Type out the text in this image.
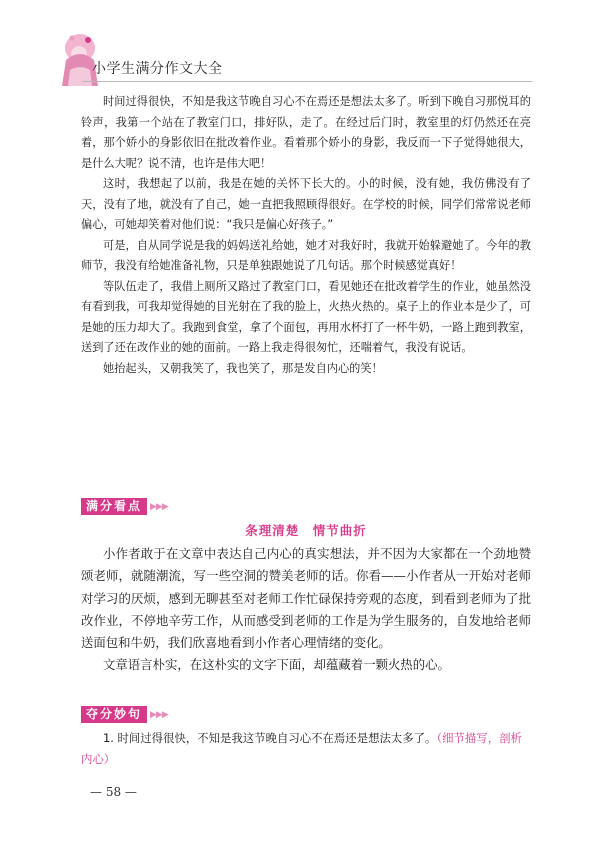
小学生满分作文大全

时间过得很快，不知是我这节晚自习心不在焉还是想法太多了。听到下晚自习那悦耳的铃声，我第一个站在了教室门口，排好队，走了。在经过后门时，教室里的灯仍然还在亮着，那个娇小的身影依旧在批改着作业。看着那个娇小的身影，我反而一下子觉得她很大，是什么大呢？说不清，也许是伟大吧！

这时，我想起了以前，我是在她的关怀下长大的。小的时候，没有她，我仿佛没有了天，没有了地，就没有了自己，她一直把我照顾得很好。在学校的时候，同学们常常说老师偏心，可她却笑着对他们说：“我只是偏心好孩子。”

可是，自从同学说是我的妈妈送礼给她，她才对我好时，我就开始躲避她了。今年的教师节，我没有给她准备礼物，只是单独跟她说了几句话。那个时候感觉真好！

等队伍走了，我借上厕所又路过了教室门口，看见她还在批改着学生的作业，她虽然没有看到我，可我却觉得她的目光射在了我的脸上，火热火热的。桌子上的作业本是少了，可是她的压力却大了。我跑到食堂，拿了个面包，再用水杯打了一杯牛奶，一路上跑到教室，送到了还在改作业的她的面前。一路上我走得很匆忙，还喘着气，我没有说话。

她抬起头，又朝我笑了，我也笑了，那是发自内心的笑！

满分看点 ▶▶▶
条理清楚　情节曲折

小作者敢于在文章中表达自己内心的真实想法，并不因为大家都在一个劲地赞颂老师，就随潮流，写一些空洞的赞美老师的话。你看——小作者从一开始对老师对学习的厌烦，感到无聊甚至对老师工作忙碌保持旁观的态度，到看到老师为了批改作业，不停地辛劳工作，从而感受到老师的工作是为学生服务的，自发地给老师送面包和牛奶，我们欣喜地看到小作者心理情绪的变化。

文章语言朴实，在这朴实的文字下面，却蕴藏着一颗火热的心。

夺分妙句 ▶▶▶

1. 时间过得很快，不知是我这节晚自习心不在焉还是想法太多了。（细节描写，剖析内心）

— 58 —
